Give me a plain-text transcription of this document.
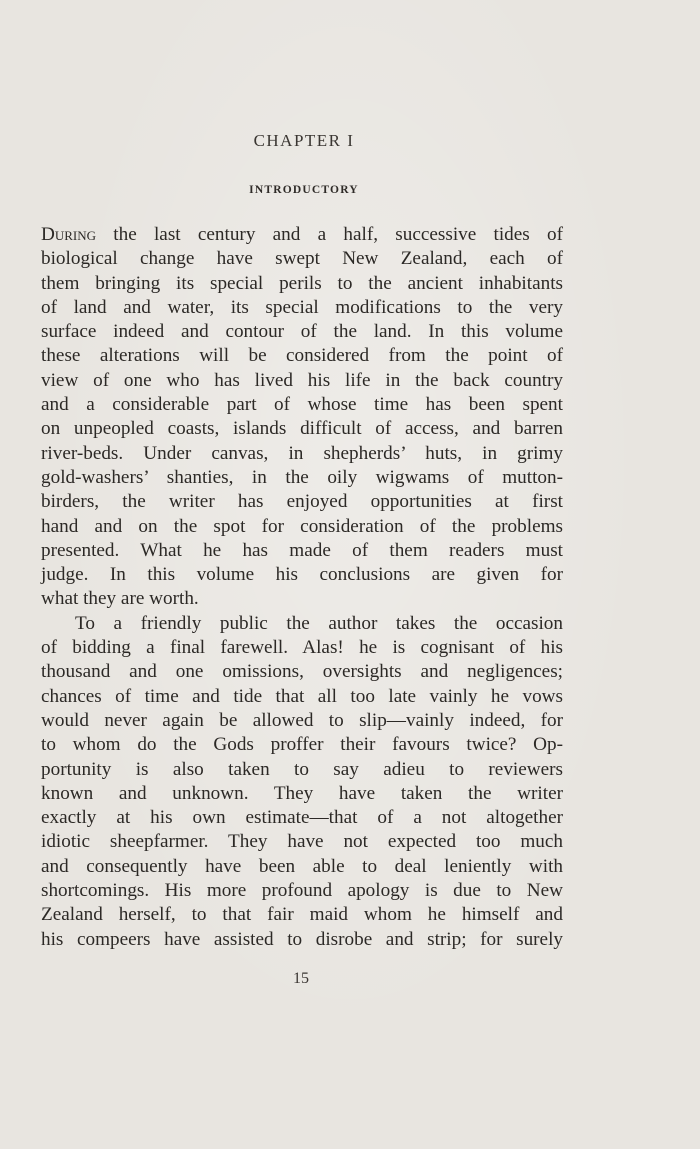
CHAPTER I
INTRODUCTORY

During the last century and a half, successive tides of
biological change have swept New Zealand, each of
them bringing its special perils to the ancient inhabitants
of land and water, its special modifications to the very
surface indeed and contour of the land. In this volume
these alterations will be considered from the point of
view of one who has lived his life in the back country
and a considerable part of whose time has been spent
on unpeopled coasts, islands difficult of access, and barren
river-beds. Under canvas, in shepherds’ huts, in grimy
gold-washers’ shanties, in the oily wigwams of mutton-
birders, the writer has enjoyed opportunities at first
hand and on the spot for consideration of the problems
presented. What he has made of them readers must
judge. In this volume his conclusions are given for
what they are worth.

To a friendly public the author takes the occasion
of bidding a final farewell. Alas! he is cognisant of his
thousand and one omissions, oversights and negligences;
chances of time and tide that all too late vainly he vows
would never again be allowed to slip—vainly indeed, for
to whom do the Gods proffer their favours twice? Op-
portunity is also taken to say adieu to reviewers
known and unknown. They have taken the writer
exactly at his own estimate—that of a not altogether
idiotic sheepfarmer. They have not expected too much
and consequently have been able to deal leniently with
shortcomings. His more profound apology is due to New
Zealand herself, to that fair maid whom he himself and
his compeers have assisted to disrobe and strip; for surely

15
